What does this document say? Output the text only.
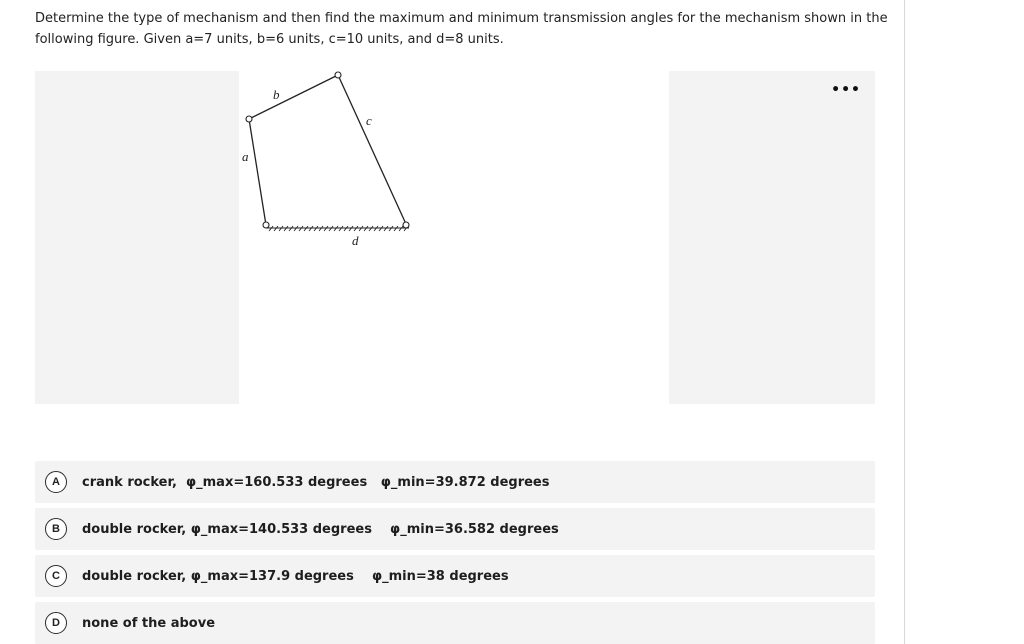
Determine the type of mechanism and then find the maximum and minimum transmission angles for the mechanism shown in the
following figure. Given a=7 units, b=6 units, c=10 units, and d=8 units.
a
b
c
d
•••
A	crank rocker,  φ_max=160.533 degrees   φ_min=39.872 degrees
B	double rocker, φ_max=140.533 degrees    φ_min=36.582 degrees
C	double rocker, φ_max=137.9 degrees    φ_min=38 degrees
D	none of the above
